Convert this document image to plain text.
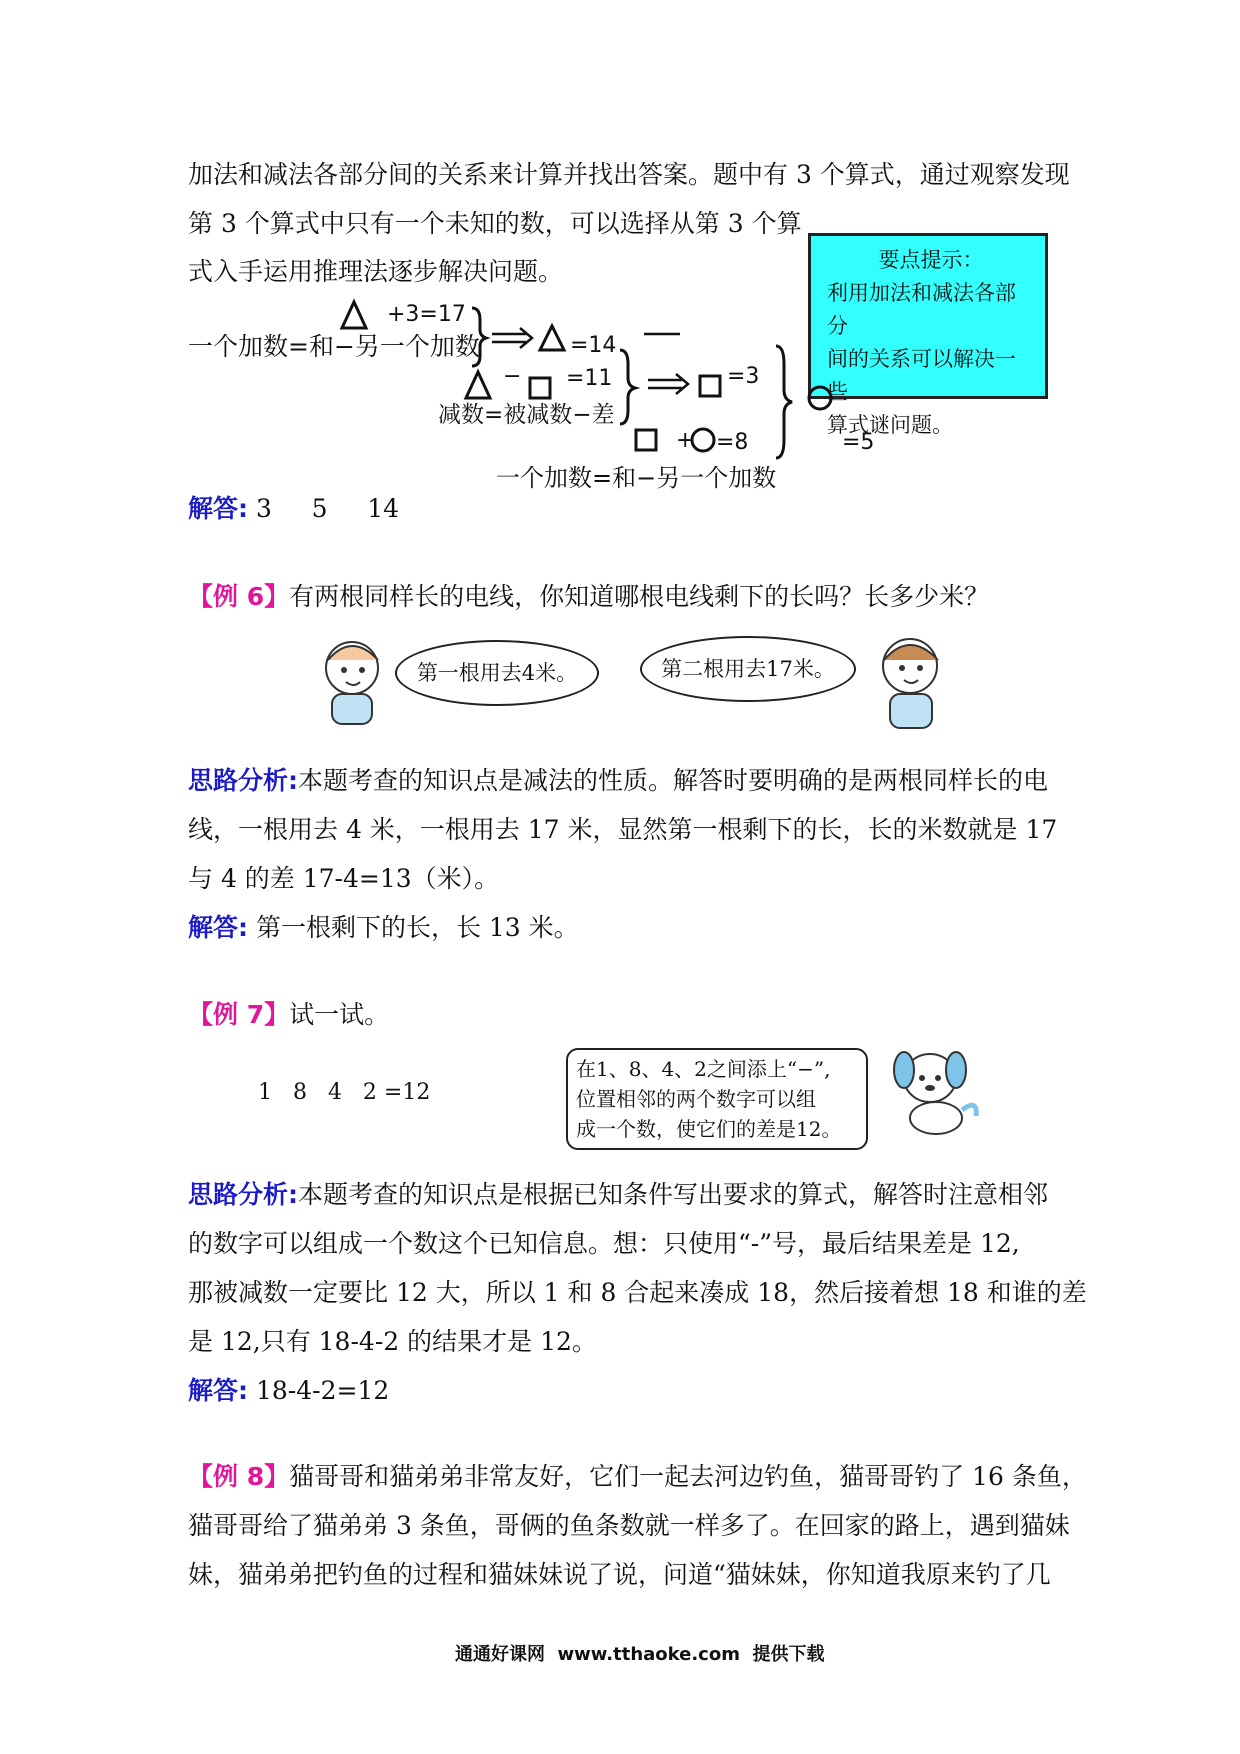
加法和减法各部分间的关系来计算并找出答案。题中有 3 个算式，通过观察发现
第 3 个算式中只有一个未知的数，可以选择从第 3 个算
式入手运用推理法逐步解决问题。	要点提示：
利用加法和减法各部分
间的关系可以解决一些
算式谜问题。
+3=17
一个加数=和−另一个加数	=14
− =11
减数=被减数−差
=3
+ =8
一个加数=和−另一个加数
=5
解答: 3     5     14
【例 6】有两根同样长的电线，你知道哪根电线剩下的长吗？长多少米？
第一根用去4米。	第二根用去17米。
思路分析:本题考查的知识点是减法的性质。解答时要明确的是两根同样长的电
线，一根用去 4 米，一根用去 17 米，显然第一根剩下的长，长的米数就是 17
与 4 的差 17-4=13（米）。
解答: 第一根剩下的长，长 13 米。
【例 7】试一试。
1   8   4   2 =12
在1、8、4、2之间添上“−”,
位置相邻的两个数字可以组
成一个数，使它们的差是12。
思路分析:本题考查的知识点是根据已知条件写出要求的算式，解答时注意相邻
的数字可以组成一个数这个已知信息。想：只使用“-”号，最后结果差是 12,
那被减数一定要比 12 大，所以 1 和 8 合起来凑成 18，然后接着想 18 和谁的差
是 12,只有 18-4-2 的结果才是 12。
解答: 18-4-2=12
【例 8】猫哥哥和猫弟弟非常友好，它们一起去河边钓鱼，猫哥哥钓了 16 条鱼，
猫哥哥给了猫弟弟 3 条鱼，哥俩的鱼条数就一样多了。在回家的路上，遇到猫妹
妹，猫弟弟把钓鱼的过程和猫妹妹说了说，问道“猫妹妹，你知道我原来钓了几
通通好课网  www.tthaoke.com  提供下载
